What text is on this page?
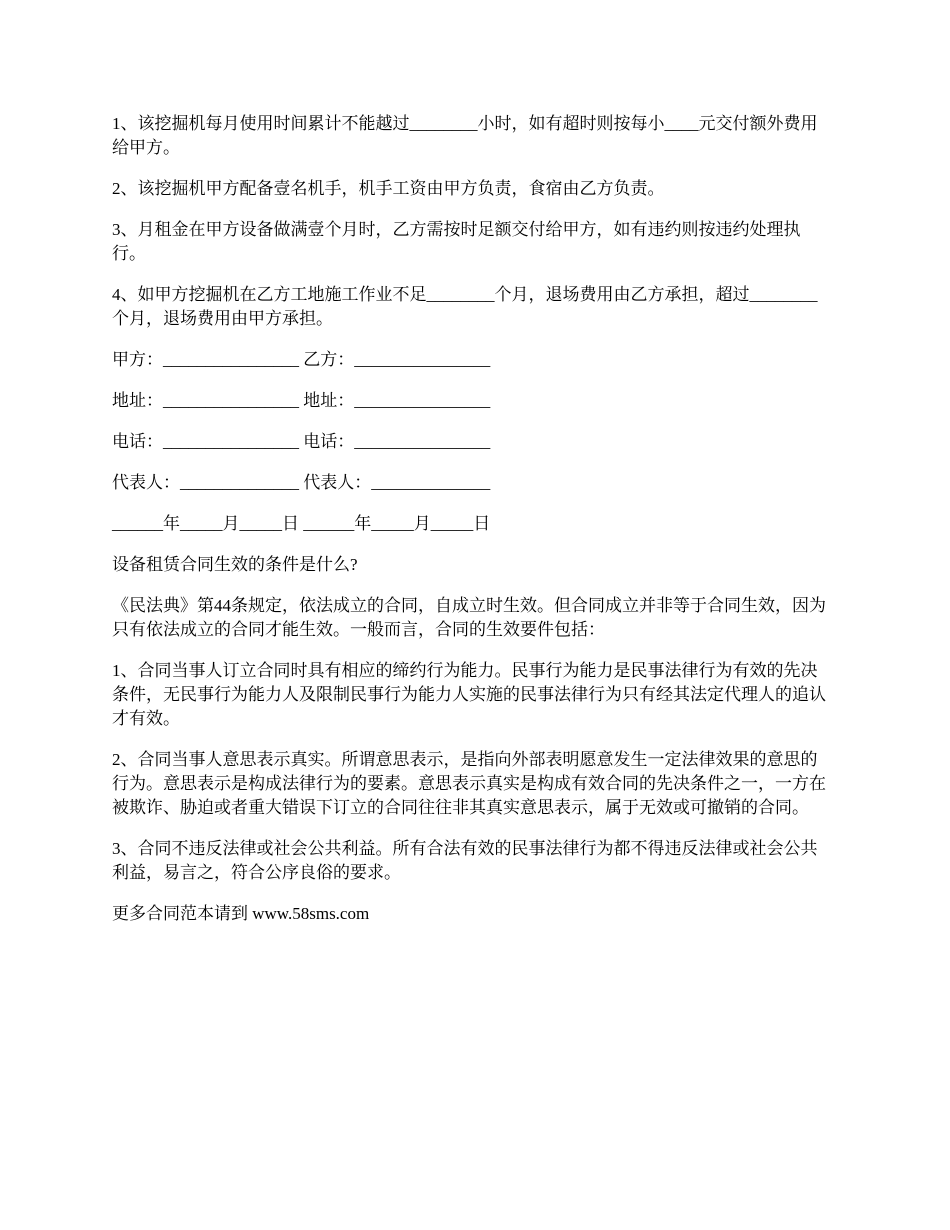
1、该挖掘机每月使用时间累计不能越过________小时，如有超时则按每小____元交付额外费用给甲方。

2、该挖掘机甲方配备壹名机手，机手工资由甲方负责，食宿由乙方负责。

3、月租金在甲方设备做满壹个月时，乙方需按时足额交付给甲方，如有违约则按违约处理执行。

4、如甲方挖掘机在乙方工地施工作业不足________个月，退场费用由乙方承担，超过________个月，退场费用由甲方承担。

甲方：________________ 乙方：________________
地址：________________ 地址：________________
电话：________________ 电话：________________
代表人：______________ 代表人：______________
______年_____月_____日 ______年_____月_____日

设备租赁合同生效的条件是什么?

《民法典》第44条规定，依法成立的合同，自成立时生效。但合同成立并非等于合同生效，因为只有依法成立的合同才能生效。一般而言，合同的生效要件包括：

1、合同当事人订立合同时具有相应的缔约行为能力。民事行为能力是民事法律行为有效的先决条件，无民事行为能力人及限制民事行为能力人实施的民事法律行为只有经其法定代理人的追认才有效。

2、合同当事人意思表示真实。所谓意思表示，是指向外部表明愿意发生一定法律效果的意思的行为。意思表示是构成法律行为的要素。意思表示真实是构成有效合同的先决条件之一，一方在被欺诈、胁迫或者重大错误下订立的合同往往非其真实意思表示，属于无效或可撤销的合同。

3、合同不违反法律或社会公共利益。所有合法有效的民事法律行为都不得违反法律或社会公共利益，易言之，符合公序良俗的要求。

更多合同范本请到 www.58sms.com
